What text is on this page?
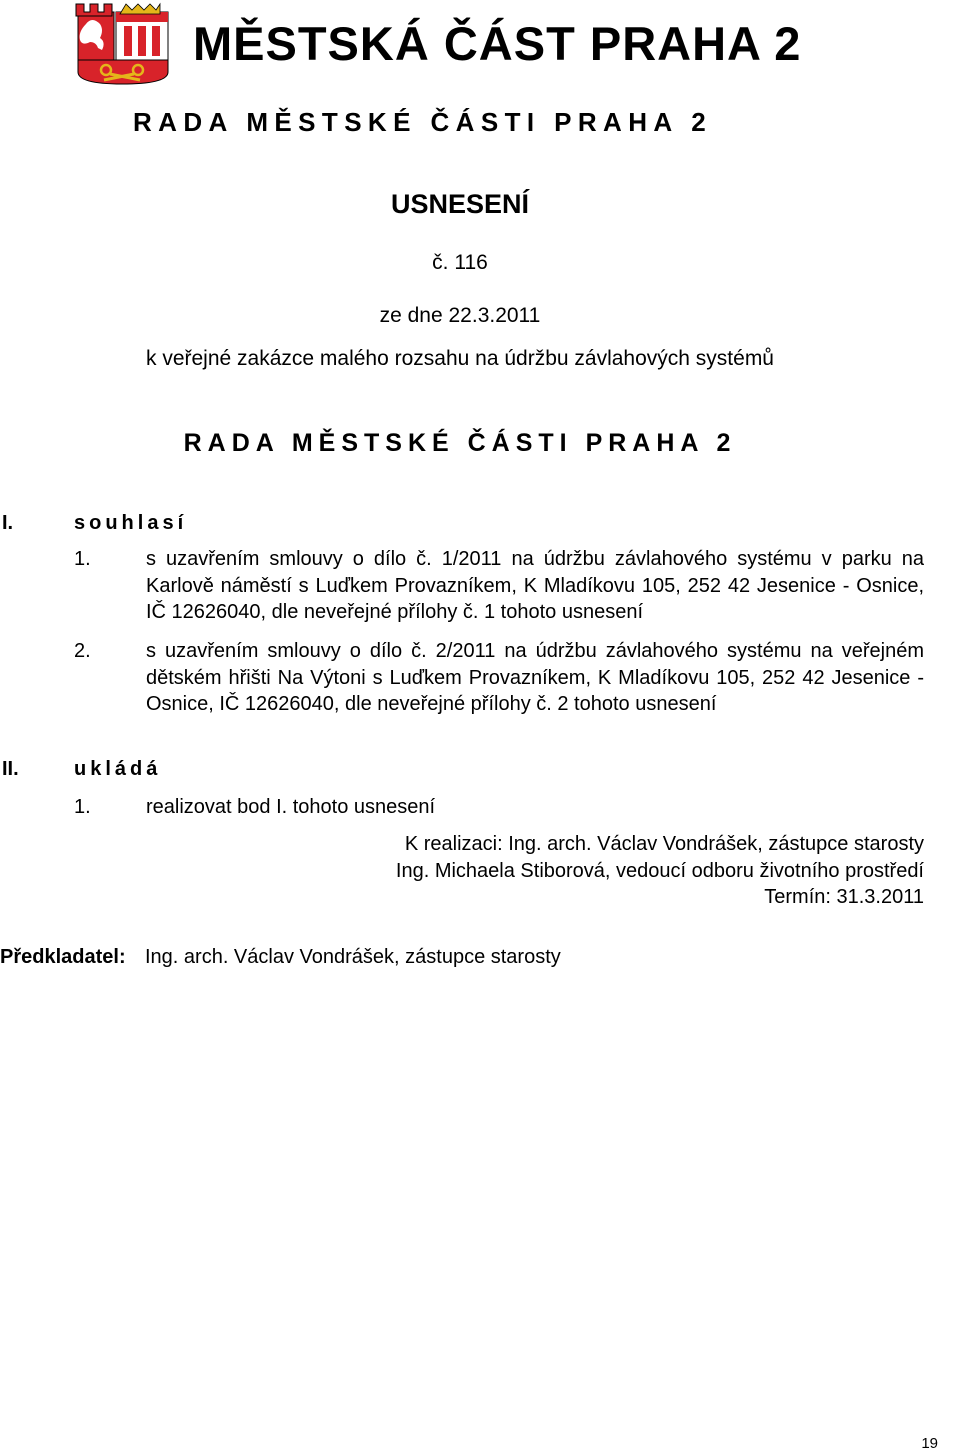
MĚSTSKÁ ČÁST PRAHA 2
RADA MĚSTSKÉ ČÁSTI PRAHA 2
USNESENÍ
č. 116
ze dne 22.3.2011
k veřejné zakázce malého rozsahu na údržbu závlahových systémů
RADA MĚSTSKÉ ČÁSTI PRAHA 2
I.	souhlasí
1.	s uzavřením smlouvy o dílo č. 1/2011 na údržbu závlahového systému v parku na Karlově náměstí s Luďkem Provazníkem, K Mladíkovu 105, 252 42 Jesenice - Osnice, IČ 12626040, dle neveřejné přílohy č. 1 tohoto usnesení
2.	s uzavřením smlouvy o dílo č. 2/2011 na údržbu závlahového systému na veřejném dětském hřišti Na Výtoni s Luďkem Provazníkem, K Mladíkovu 105, 252 42 Jesenice - Osnice, IČ 12626040, dle neveřejné přílohy č. 2 tohoto usnesení
II.	ukládá
1.	realizovat bod I. tohoto usnesení
K realizaci: Ing. arch. Václav Vondrášek, zástupce starosty
Ing. Michaela Stiborová, vedoucí odboru životního prostředí
Termín: 31.3.2011
Předkladatel: Ing. arch. Václav Vondrášek, zástupce starosty
19
